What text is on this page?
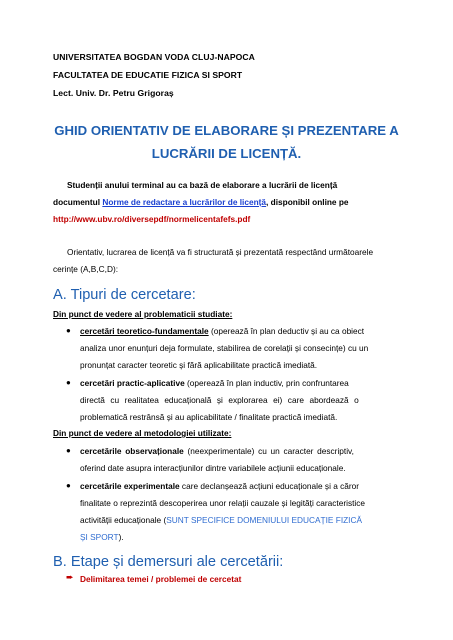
UNIVERSITATEA BOGDAN VODA CLUJ-NAPOCA
FACULTATEA DE EDUCATIE FIZICA SI SPORT
Lect. Univ. Dr. Petru Grigoraș
GHID ORIENTATIV DE ELABORARE ȘI PREZENTARE A
LUCRĂRII DE LICENȚĂ.
Studenții anului terminal au ca bază de elaborare a lucrării de licență
documentul Norme de redactare a lucrărilor de licență, disponibil online pe
http://www.ubv.ro/diversepdf/normelicentafefs.pdf
Orientativ, lucrarea de licență va fi structurată și prezentată respectând următoarele
cerințe (A,B,C,D):
A. Tipuri de cercetare:
Din punct de vedere al problematicii studiate:
● cercetări teoretico-fundamentale (operează în plan deductiv și au ca obiect
analiza unor enunțuri deja formulate, stabilirea de corelații și consecințe) cu un
pronunțat caracter teoretic și fără aplicabilitate practică imediată.
● cercetări practic-aplicative (operează în plan inductiv, prin confruntarea
directă cu realitatea educațională și explorarea ei) care abordează o
problematică restrânsă și au aplicabilitate / finalitate practică imediată.
Din punct de vedere al metodologiei utilizate:
● cercetările observaționale (neexperimentale) cu un caracter descriptiv,
oferind date asupra interacțiunilor dintre variabilele acțiunii educaționale.
● cercetările experimentale care declanșează acțiuni educaționale și a căror
finalitate o reprezintă descoperirea unor relații cauzale și legități caracteristice
activității educaționale (SUNT SPECIFICE DOMENIULUI EDUCAȚIE FIZICĂ
ȘI SPORT).
B. Etape și demersuri ale cercetării:
➨ Delimitarea temei / problemei de cercetat
